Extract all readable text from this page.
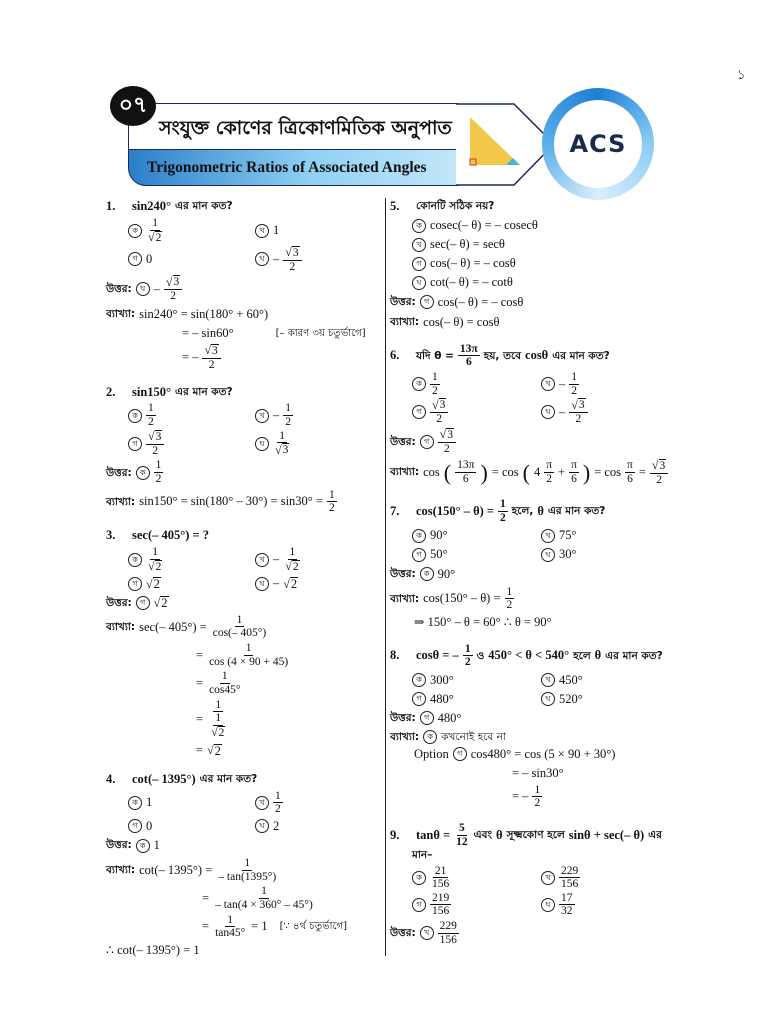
১
সংযুক্ত কোণের ত্রিকোণমিতিক অনুপাত
Trigonometric Ratios of Associated Angles
০৭
ACS
1.	sin240° এর মান কত?
ক $\frac{1}{√ 2}$	খ 1
গ 0	ঘ – $\frac{√ 3}{2}$
উত্তর:	ঘ – $\frac{√ 3}{2}$
ব্যাখ্যা: sin240° = sin(180° + 60°)
= – sin60°	[– কারণ ৩য় চতুর্ভাগে]
= – $\frac{√ 3}{2}$
2.	sin150° এর মান কত?
ক $\frac{1}{2}$	খ – $\frac{1}{2}$
গ $\frac{√ 3}{2}$	ঘ $\frac{1}{√ 3}$
উত্তর:	ক $\frac{1}{2}$
ব্যাখ্যা: $\sin 150^\circ = \sin(180^\circ - 30^\circ) = \sin 30^\circ = \frac{1}{2}$
3.	sec(– 405°) = ?
ক $\frac{1}{√ 2}$	খ – $\frac{1}{√ 2}$
গ √ 2	ঘ – √ 2
উত্তর:	গ √ 2
ব্যাখ্যা: sec(– $405^\circ) = \frac{1}{\cos(- 405^\circ)}$
= $\frac{1}{\cos (4 \times 90 + 45)}$
= $\frac{1}{\cos 45^\circ}$
= $\frac{1}{\frac{1}{√ 2}}$
= √ 2
4.	cot(– 1395°) এর মান কত?
ক 1	খ $\frac{1}{2}$
গ 0	ঘ 2
উত্তর:	ক 1
ব্যাখ্যা: cot(– $1395^\circ) = \frac{1}{- \tan(1395^\circ)}$
= $\frac{1}{- \tan(4 \times 360^\circ - 45^\circ)}$
= $\frac{1}{\tan 45^\circ} = 1$ [∵ ৪র্থ চতুর্ভাগে]
∴ cot(– 1395°) = 1
5.	কোনটি সঠিক নয়?
ক cosec(– θ) = – cosecθ
খ sec(– θ) = secθ
গ cos(– θ) = – cosθ
ঘ cot(– θ) = – cotθ
উত্তর:	গ cos(– θ) = – cosθ
ব্যাখ্যা: cos(– θ) = cosθ
6.	যদি $\theta = \frac{13\pi}{6}$ হয়, তবে cosθ এর মান কত?
ক $\frac{1}{2}$	খ – $\frac{1}{2}$
গ $\frac{√ 3}{2}$	ঘ – $\frac{√ 3}{2}$
উত্তর:	গ $\frac{√ 3}{2}$
ব্যাখ্যা: cos ( $\frac{13\pi}{6}$ ) = cos ( $4 \frac{\pi}{2} + \frac{\pi}{6}$ ) = $\cos \frac{\pi}{6} = \frac{√ 3}{2}$
7.	$\cos(150^\circ - \theta) = \frac{1}{2}$ হলে, θ এর মান কত?
ক 90°	খ 75°
গ 50°	ঘ 30°
উত্তর:	ক 90°
ব্যাখ্যা: $\cos(150^\circ - \theta) = \frac{1}{2}$
⇒ 150° – θ = 60° ∴ θ = 90°
8.	cosθ = – $\frac{1}{2}$ ও 450° < θ < 540° হলে θ এর মান কত?
ক 300°	খ 450°
গ 480°	ঘ 520°
উত্তর:	গ 480°
ব্যাখ্যা:	ক কখনোই হবে না
Option	গ cos480° = cos (5 × 90 + 30°)
= – sin30°
= – $\frac{1}{2}$
9.	$\tan\theta = \frac{5}{12}$ এবং θ সূক্ষ্মকোণ হলে sinθ + sec(– θ) এর
মান–
ক $\frac{21}{156}$	খ $\frac{229}{156}$
গ $\frac{219}{156}$	ঘ $\frac{17}{32}$
উত্তর:	খ $\frac{229}{156}$
